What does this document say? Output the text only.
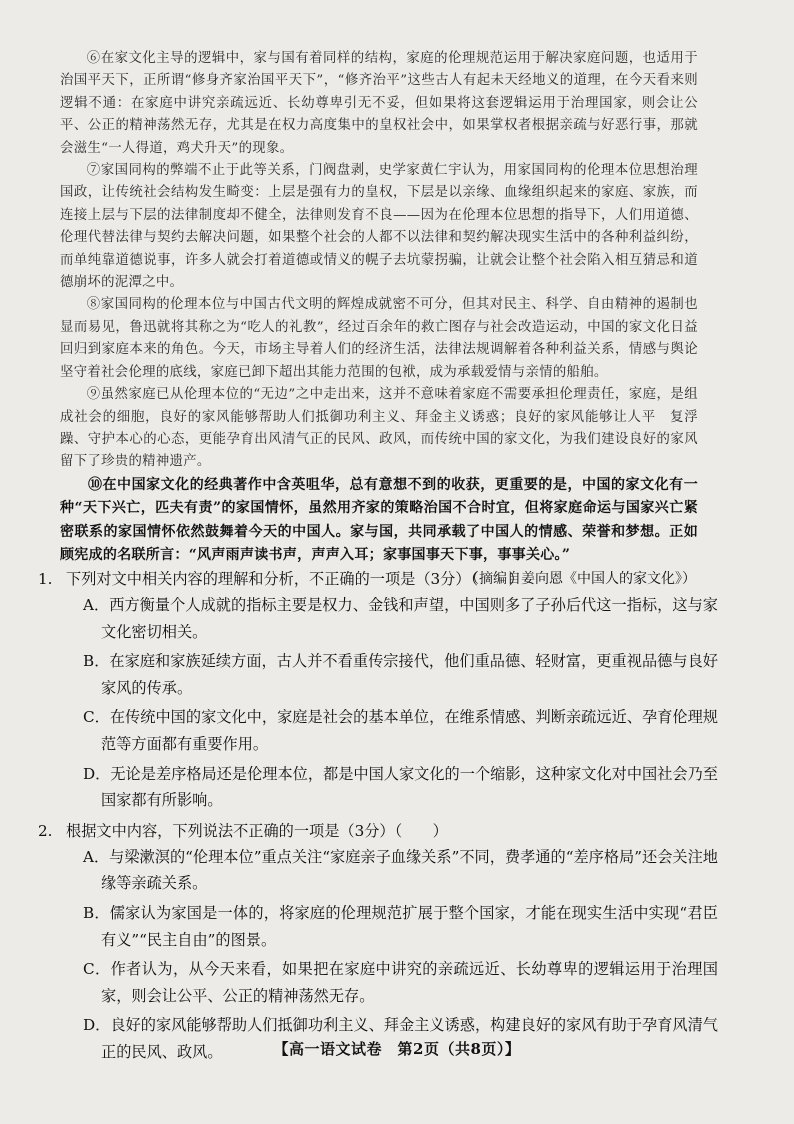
⑥在家文化主导的逻辑中，家与国有着同样的结构，家庭的伦理规范运用于解决家庭问题，也适用于治国平天下，正所谓“修身齐家治国平天下”，“修齐治平”这些古人有起未天经地义的道理，在今天看来则逻辑不通：在家庭中讲究亲疏远近、长幼尊卑引无不妥，但如果将这套逻辑运用于治理国家，则会让公平、公正的精神荡然无存，尤其是在权力高度集中的皇权社会中，如果掌权者根据亲疏与好恶行事，那就会滋生“一人得道，鸡犬升天”的现象。

⑦家国同构的弊端不止于此等关系，门阀盘剥，史学家黄仁宇认为，用家国同构的伦理本位思想治理国政，让传统社会结构发生畸变：上层是强有力的皇权，下层是以亲缘、血缘组织起来的家庭、家族，而连接上层与下层的法律制度却不健全，法律则发育不良——因为在伦理本位思想的指导下，人们用道德、伦理代替法律与契约去解决问题，如果整个社会的人都不以法律和契约解决现实生活中的各种利益纠纷，而单纯靠道德说事，许多人就会打着道德或情义的幌子去坑蒙拐骗，让就会让整个社会陷入相互猜忌和道德崩坏的泥潭之中。

⑧家国同构的伦理本位与中国古代文明的辉煌成就密不可分，但其对民主、科学、自由精神的遏制也显而易见，鲁迅就将其称之为“吃人的礼教”，经过百余年的救亡图存与社会改造运动，中国的家文化日益回归到家庭本来的角色。今天，市场主导着人们的经济生活，法律法规调解着各种利益关系，情感与舆论坚守着社会伦理的底线，家庭已卸下超出其能力范围的包袱，成为承载爱情与亲情的船舶。

⑨虽然家庭已从伦理本位的“无边”之中走出来，这并不意味着家庭不需要承担伦理责任，家庭，是组成社会的细胞，良好的家风能够帮助人们抵御功利主义、拜金主义诱惑；良好的家风能够让人平　复浮躁、守护本心的心态，更能孕育出风清气正的民风、政风，而传统中国的家文化，为我们建设良好的家风留下了珍贵的精神遗产。

⑩在中国家文化的经典著作中含英咀华，总有意想不到的收获，更重要的是，中国的家文化有一种“天下兴亡，匹夫有责”的家国情怀，虽然用齐家的策略治国不合时宜，但将家庭命运与国家兴亡紧密联系的家国情怀依然鼓舞着今天的中国人。家与国，共同承载了中国人的情感、荣誉和梦想。正如顾宪成的名联所言：“风声雨声读书声，声声入耳；家事国事天下事，事事关心。”

（摘编自姜向恩《中国人的家文化》）
1. 下列对文中相关内容的理解和分析，不正确的一项是（3分）（　　）
A．西方衡量个人成就的指标主要是权力、金钱和声望，中国则多了子孙后代这一指标，这与家文化密切相关。
B．在家庭和家族延续方面，古人并不看重传宗接代，他们重品德、轻财富，更重视品德与良好家风的传承。
C．在传统中国的家文化中，家庭是社会的基本单位，在维系情感、判断亲疏远近、孕育伦理规范等方面都有重要作用。
D．无论是差序格局还是伦理本位，都是中国人家文化的一个缩影，这种家文化对中国社会乃至国家都有所影响。
2. 根据文中内容，下列说法不正确的一项是（3分）（　　）
A．与梁漱溟的“伦理本位”重点关注“家庭亲子血缘关系”不同，费孝通的“差序格局”还会关注地缘等亲疏关系。
B．儒家认为家国是一体的，将家庭的伦理规范扩展于整个国家，才能在现实生活中实现“君臣有义”“民主自由”的图景。
C．作者认为，从今天来看，如果把在家庭中讲究的亲疏远近、长幼尊卑的逻辑运用于治理国家，则会让公平、公正的精神荡然无存。
D．良好的家风能够帮助人们抵御功利主义、拜金主义诱惑，构建良好的家风有助于孕育风清气正的民风、政风。	【高一语文试卷　第2页（共8页）】
